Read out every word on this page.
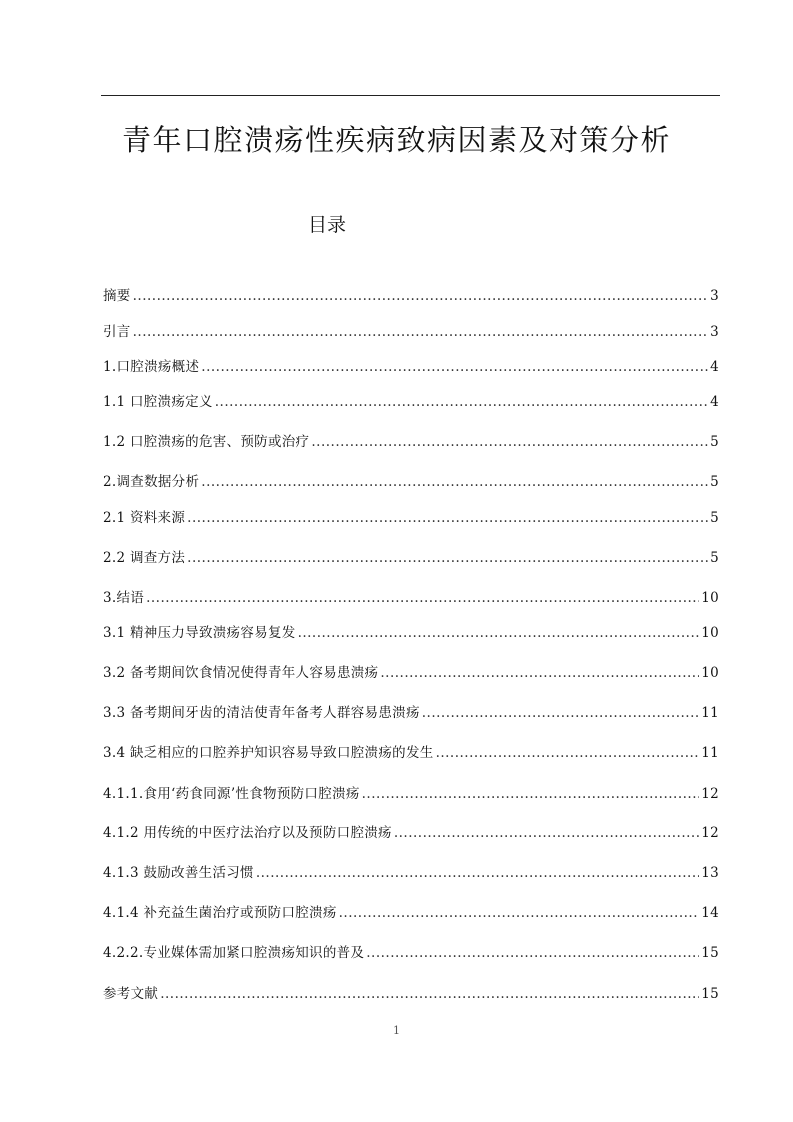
青年口腔溃疡性疾病致病因素及对策分析
目录
摘要 .....	3
引言 .....	3
1.口腔溃疡概述 .....	4
1.1 口腔溃疡定义 .....	4
1.2 口腔溃疡的危害、预防或治疗 .....	5
2.调查数据分析 .....	5
2.1 资料来源 .....	5
2.2 调查方法 .....	5
3.结语 .....	10
3.1 精神压力导致溃疡容易复发 .....	10
3.2 备考期间饮食情况使得青年人容易患溃疡 .....	10
3.3 备考期间牙齿的清洁使青年备考人群容易患溃疡 .....	11
3.4 缺乏相应的口腔养护知识容易导致口腔溃疡的发生 .....	11
4.1.1.食用‘药食同源’性食物预防口腔溃疡 .....	12
4.1.2 用传统的中医疗法治疗以及预防口腔溃疡 .....	12
4.1.3 鼓励改善生活习惯 .....	13
4.1.4 补充益生菌治疗或预防口腔溃疡 .....	14
4.2.2.专业媒体需加紧口腔溃疡知识的普及 .....	15
参考文献 .....	15
1
